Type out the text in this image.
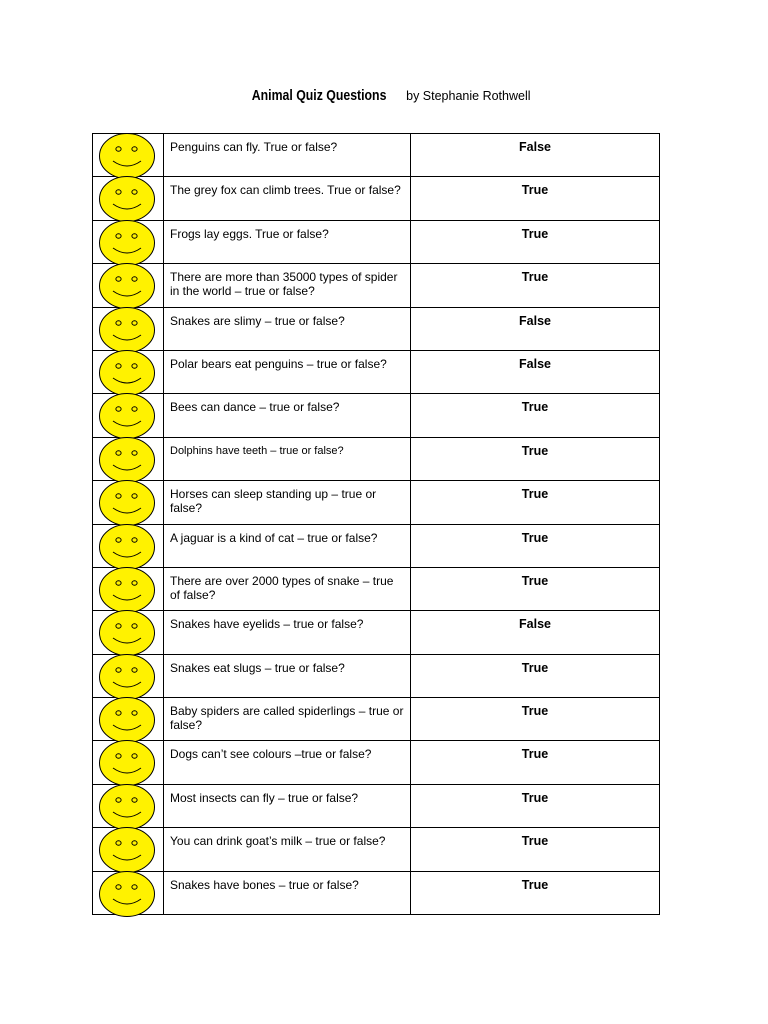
Animal Quiz Questions by Stephanie Rothwell
	Penguins can fly. True or false?	False

	The grey fox can climb trees. True or false?	True

	Frogs lay eggs. True or false?	True

	There are more than 35000 types of spider in the world – true or false?	True

	Snakes are slimy – true or false?	False

	Polar bears eat penguins – true or false?	False

	Bees can dance – true or false?	True

	Dolphins have teeth – true or false?	True

	Horses can sleep standing up – true or false?	True

	A jaguar is a kind of cat – true or false?	True

	There are over 2000 types of snake – true of false?	True

	Snakes have eyelids – true or false?	False

	Snakes eat slugs – true or false?	True

	Baby spiders are called spiderlings – true or false?	True

	Dogs can’t see colours –true or false?	True

	Most insects can fly – true or false?	True

	You can drink goat’s milk – true or false?	True

	Snakes have bones – true or false?	True
